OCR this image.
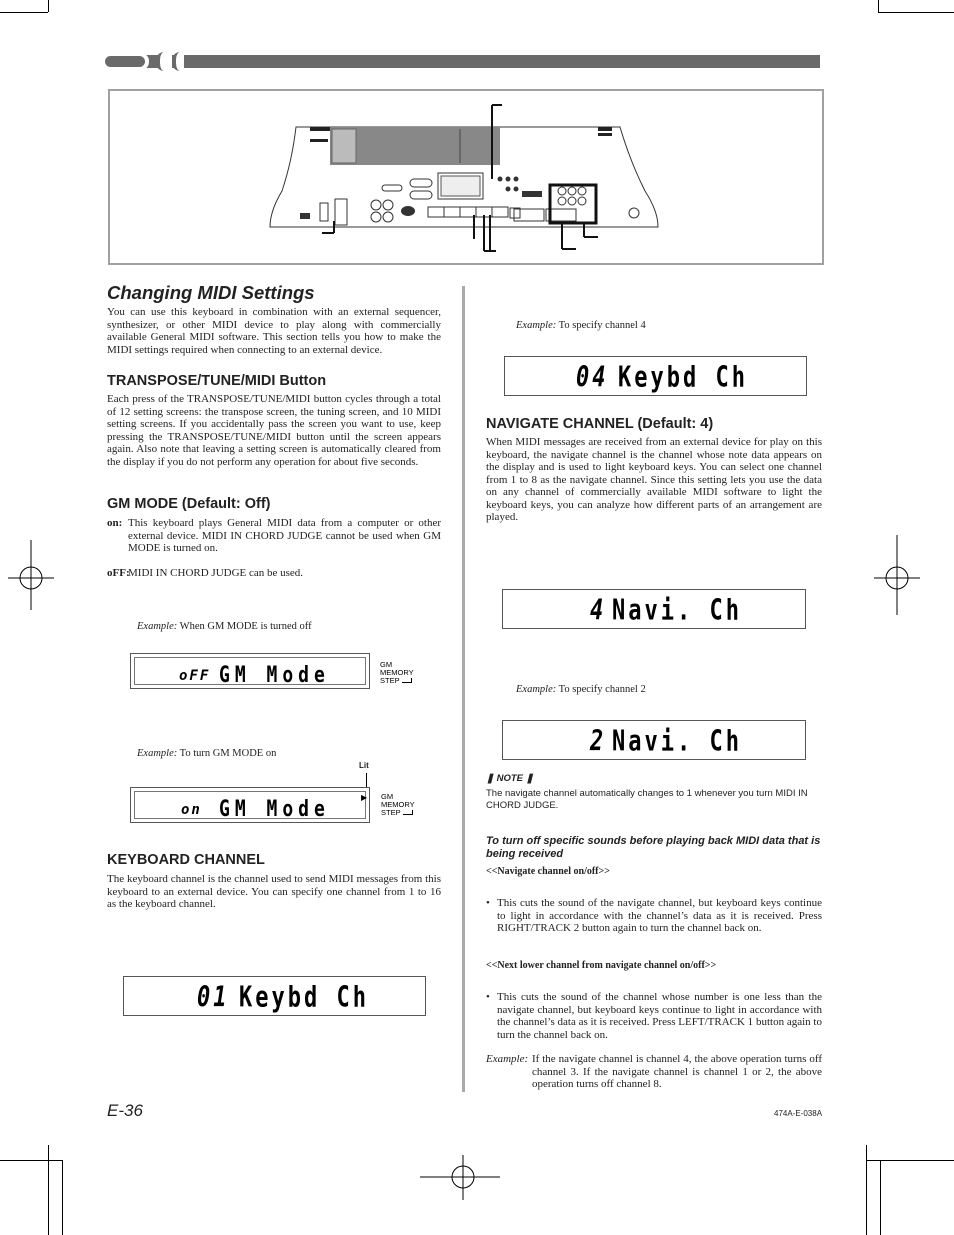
Changing MIDI Settings
You can use this keyboard in combination with an external sequencer, synthesizer, or other MIDI device to play along with commercially available General MIDI software. This section tells you how to make the MIDI settings required when connecting to an external device.
TRANSPOSE/TUNE/MIDI Button
Each press of the TRANSPOSE/TUNE/MIDI button cycles through a total of 12 setting screens: the transpose screen, the tuning screen, and 10 MIDI setting screens. If you accidentally pass the screen you want to use, keep pressing the TRANSPOSE/TUNE/MIDI button until the screen appears again. Also note that leaving a setting screen is automatically cleared from the display if you do not perform any operation for about five seconds.
GM MODE (Default: Off)
on: This keyboard plays General MIDI data from a computer or other external device. MIDI IN CHORD JUDGE cannot be used when GM MODE is turned on.
oFF:
MIDI IN CHORD JUDGE can be used.
Example: When GM MODE is turned off
oFF GM Mode	GM
MEMORY
STEP
Example: To turn GM MODE on
Lit
on GM Mode	▶ GM
MEMORY
STEP
KEYBOARD CHANNEL
The keyboard channel is the channel used to send MIDI messages from this keyboard to an external device. You can specify one channel from 1 to 16 as the keyboard channel.
01 Keybd Ch
Example: To specify channel 4
04 Keybd Ch
NAVIGATE CHANNEL (Default: 4)
When MIDI messages are received from an external device for play on this keyboard, the navigate channel is the channel whose note data appears on the display and is used to light keyboard keys. You can select one channel from 1 to 8 as the navigate channel. Since this setting lets you use the data on any channel of commercially available MIDI software to light the keyboard keys, you can analyze how different parts of an arrangement are played.
4 Navi. Ch
Example: To specify channel 2
2 Navi. Ch
❚ NOTE ❚
The navigate channel automatically changes to 1 whenever you turn MIDI IN CHORD JUDGE.
To turn off specific sounds before playing back MIDI data that is being received
<<Navigate channel on/off>>
• This cuts the sound of the navigate channel, but keyboard keys continue to light in accordance with the channel’s data as it is received. Press RIGHT/TRACK 2 button again to turn the channel back on.
<<Next lower channel from navigate channel on/off>>
• This cuts the sound of the channel whose number is one less than the navigate channel, but keyboard keys continue to light in accordance with the channel’s data as it is received. Press LEFT/TRACK 1 button again to turn the channel back on.
Example: If the navigate channel is channel 4, the above operation turns off channel 3. If the navigate channel is channel 1 or 2, the above operation turns off channel 8.
E-36	474A-E-038A
